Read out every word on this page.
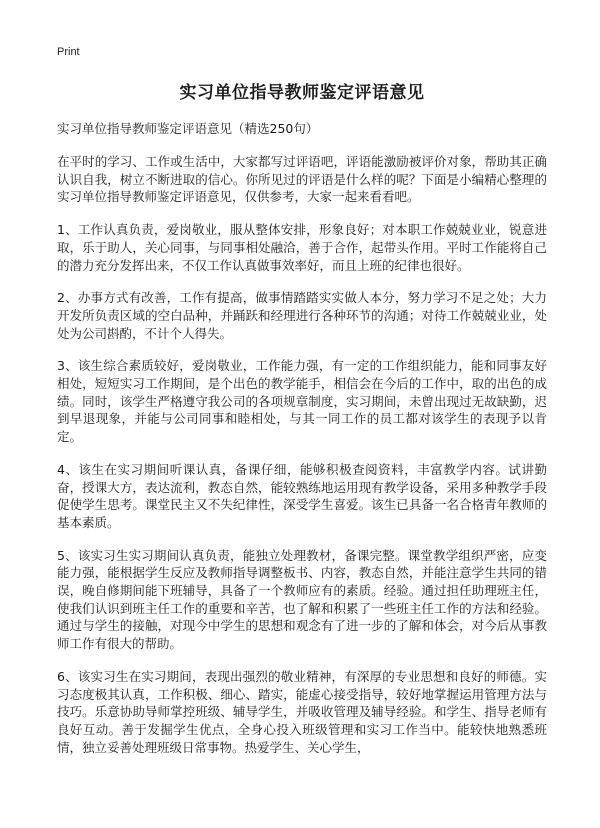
Print
实习单位指导教师鉴定评语意见

实习单位指导教师鉴定评语意见（精选250句）

在平时的学习、工作或生活中，大家都写过评语吧，评语能激励被评价对象，帮助其正确认识自我，树立不断进取的信心。你所见过的评语是什么样的呢？下面是小编精心整理的实习单位指导教师鉴定评语意见，仅供参考，大家一起来看看吧。

1、工作认真负责，爱岗敬业，服从整体安排，形象良好；对本职工作兢兢业业，锐意进取，乐于助人，关心同事，与同事相处融洽，善于合作，起带头作用。平时工作能将自己的潜力充分发挥出来，不仅工作认真做事效率好，而且上班的纪律也很好。

2、办事方式有改善，工作有提高，做事情踏踏实实做人本分，努力学习不足之处；大力开发所负责区域的空白品种，并踊跃和经理进行各种环节的沟通；对待工作兢兢业业，处处为公司斟酌，不计个人得失。

3、该生综合素质较好，爱岗敬业，工作能力强，有一定的工作组织能力，能和同事友好相处，短短实习工作期间，是个出色的教学能手，相信会在今后的工作中，取的出色的成绩。同时，该学生严格遵守我公司的各项规章制度，实习期间，未曾出现过无故缺勤，迟到早退现象，并能与公司同事和睦相处，与其一同工作的员工都对该学生的表现予以肯定。

4、该生在实习期间听课认真，备课仔细，能够积极查阅资料，丰富教学内容。试讲勤奋，授课大方，表达流利，教态自然，能较熟练地运用现有教学设备，采用多种教学手段促使学生思考。课堂民主又不失纪律性，深受学生喜爱。该生已具备一名合格青年教师的基本素质。

5、该实习生实习期间认真负责，能独立处理教材，备课完整。课堂教学组织严密，应变能力强，能根据学生反应及教师指导调整板书、内容，教态自然，并能注意学生共同的错误，晚自修期间能下班辅导，具备了一个教师应有的素质。经验。通过担任助理班主任，使我们认识到班主任工作的重要和辛苦，也了解和积累了一些班主任工作的方法和经验。通过与学生的接触，对现今中学生的思想和观念有了进一步的了解和体会，对今后从事教师工作有很大的帮助。

6、该实习生在实习期间，表现出强烈的敬业精神，有深厚的专业思想和良好的师德。实习态度极其认真，工作积极、细心、踏实，能虚心接受指导，较好地掌握运用管理方法与技巧。乐意协助导师掌控班级、辅导学生，并吸收管理及辅导经验。和学生、指导老师有良好互动。善于发掘学生优点，全身心投入班级管理和实习工作当中。能较快地熟悉班情，独立妥善处理班级日常事物。热爱学生、关心学生，
